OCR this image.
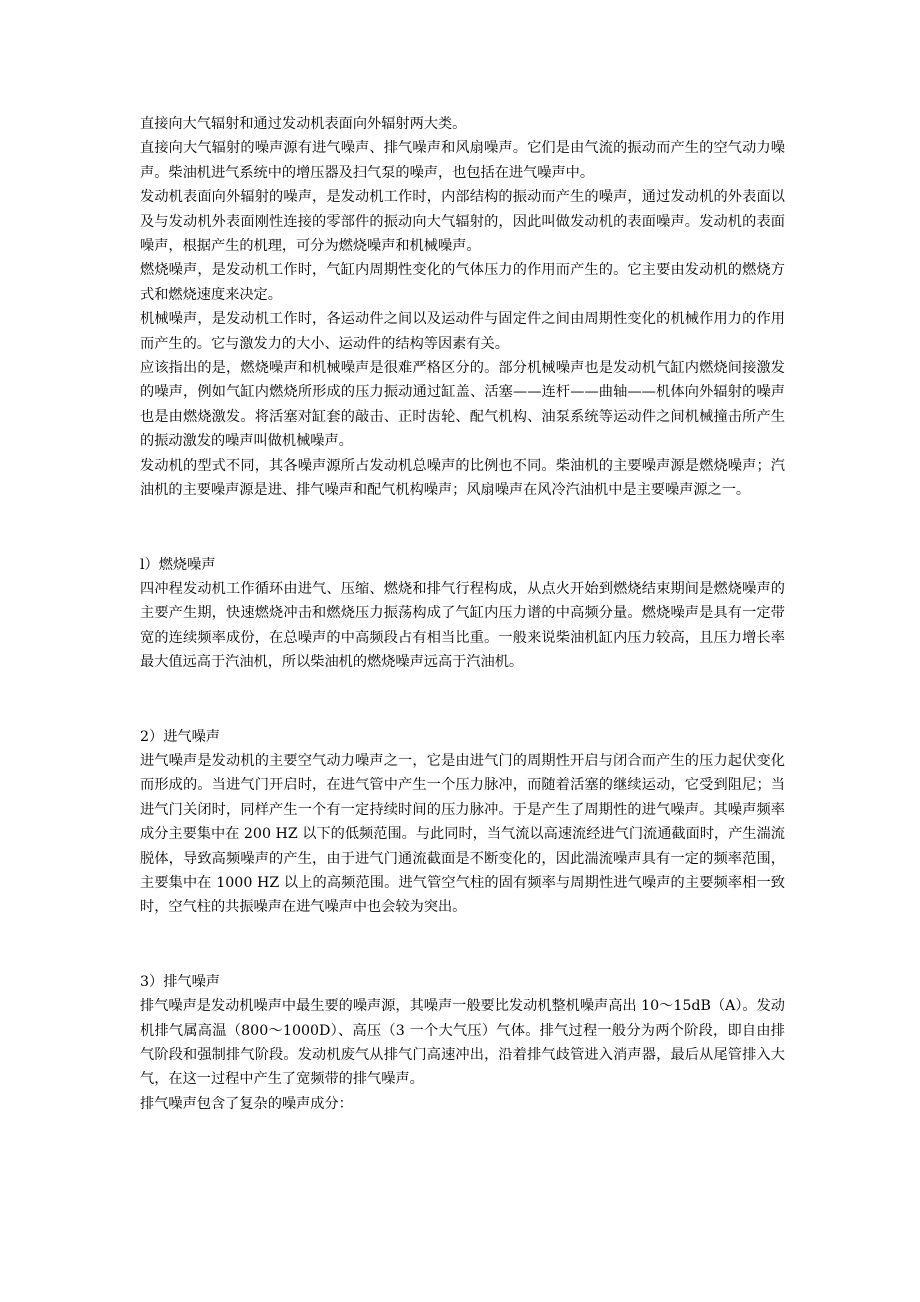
直接向大气辐射和通过发动机表面向外辐射两大类。

直接向大气辐射的噪声源有进气噪声、排气噪声和风扇噪声。它们是由气流的振动而产生的空气动力噪声。柴油机进气系统中的增压器及扫气泵的噪声，也包括在进气噪声中。

发动机表面向外辐射的噪声，是发动机工作时，内部结构的振动而产生的噪声，通过发动机的外表面以及与发动机外表面刚性连接的零部件的振动向大气辐射的，因此叫做发动机的表面噪声。发动机的表面噪声，根据产生的机理，可分为燃烧噪声和机械噪声。

燃烧噪声，是发动机工作时，气缸内周期性变化的气体压力的作用而产生的。它主要由发动机的燃烧方式和燃烧速度来决定。

机械噪声，是发动机工作时，各运动件之间以及运动件与固定件之间由周期性变化的机械作用力的作用而产生的。它与激发力的大小、运动件的结构等因素有关。

应该指出的是，燃烧噪声和机械噪声是很难严格区分的。部分机械噪声也是发动机气缸内燃烧间接激发的噪声，例如气缸内燃烧所形成的压力振动通过缸盖、活塞——连杆——曲轴——机体向外辐射的噪声也是由燃烧激发。将活塞对缸套的敲击、正时齿轮、配气机构、油泵系统等运动件之间机械撞击所产生的振动激发的噪声叫做机械噪声。

发动机的型式不同，其各噪声源所占发动机总噪声的比例也不同。柴油机的主要噪声源是燃烧噪声；汽油机的主要噪声源是进、排气噪声和配气机构噪声；风扇噪声在风冷汽油机中是主要噪声源之一。

l）燃烧噪声

四冲程发动机工作循环由进气、压缩、燃烧和排气行程构成，从点火开始到燃烧结束期间是燃烧噪声的主要产生期，快速燃烧冲击和燃烧压力振荡构成了气缸内压力谱的中高频分量。燃烧噪声是具有一定带宽的连续频率成份，在总噪声的中高频段占有相当比重。一般来说柴油机缸内压力较高，且压力增长率最大值远高于汽油机，所以柴油机的燃烧噪声远高于汽油机。

2）进气噪声

进气噪声是发动机的主要空气动力噪声之一，它是由进气门的周期性开启与闭合而产生的压力起伏变化而形成的。当进气门开启时，在进气管中产生一个压力脉冲，而随着活塞的继续运动，它受到阻尼；当进气门关闭时，同样产生一个有一定持续时间的压力脉冲。于是产生了周期性的进气噪声。其噪声频率成分主要集中在 200 HZ 以下的低频范围。与此同时，当气流以高速流经进气门流通截面时，产生湍流脱体，导致高频噪声的产生，由于进气门通流截面是不断变化的，因此湍流噪声具有一定的频率范围，主要集中在 1000 HZ 以上的高频范围。进气管空气柱的固有频率与周期性进气噪声的主要频率相一致时，空气柱的共振噪声在进气噪声中也会较为突出。

3）排气噪声

排气噪声是发动机噪声中最生要的噪声源，其噪声一般要比发动机整机噪声高出 10～15dB（A）。发动机排气属高温（800～1000D）、高压（3 一个大气压）气体。排气过程一般分为两个阶段，即自由排气阶段和强制排气阶段。发动机废气从排气门高速冲出，沿着排气歧管进入消声器，最后从尾管排入大气，在这一过程中产生了宽频带的排气噪声。

排气噪声包含了复杂的噪声成分：
